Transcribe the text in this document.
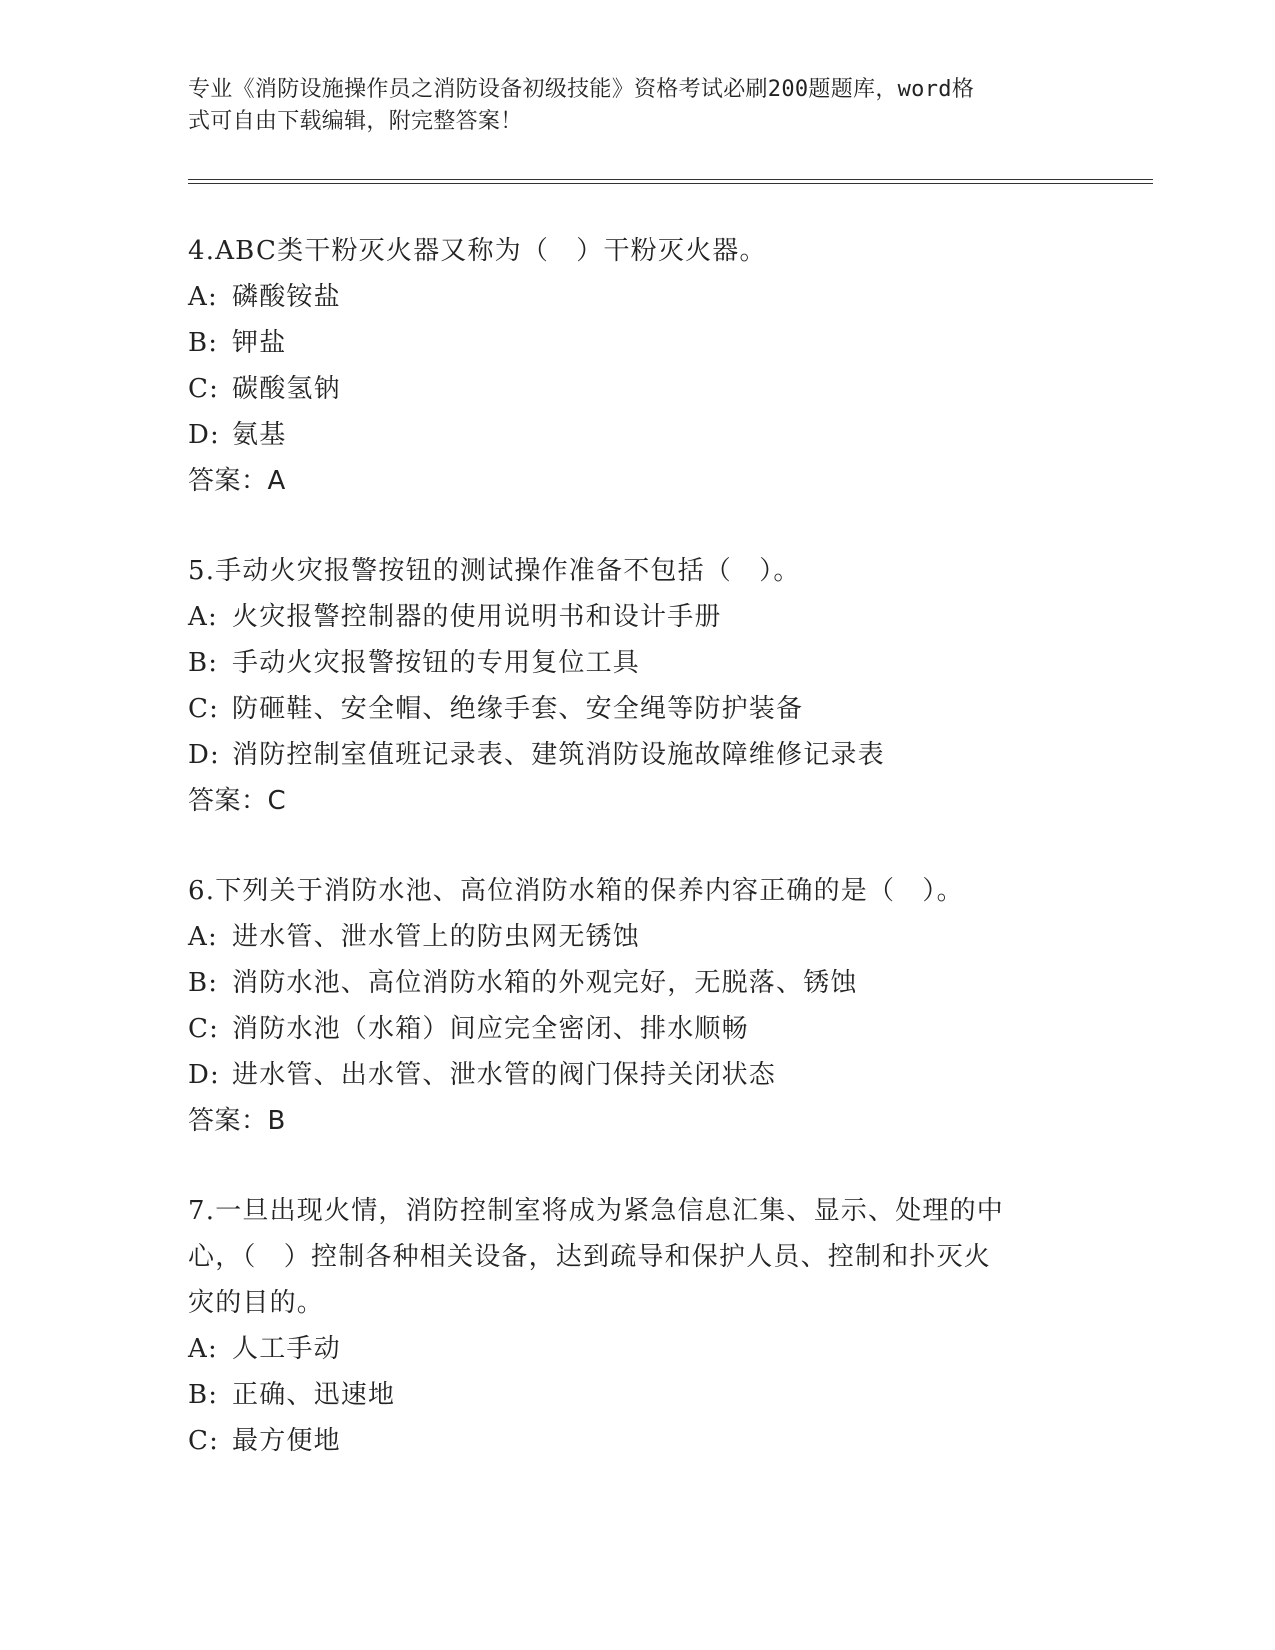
专业《消防设施操作员之消防设备初级技能》资格考试必刷200题题库，word格
式可自由下载编辑，附完整答案！
4.ABC类干粉灭火器又称为（　）干粉灭火器。
A: 磷酸铵盐
B: 钾盐
C: 碳酸氢钠
D: 氨基
答案：A
5.手动火灾报警按钮的测试操作准备不包括（　）。
A: 火灾报警控制器的使用说明书和设计手册
B: 手动火灾报警按钮的专用复位工具
C: 防砸鞋、安全帽、绝缘手套、安全绳等防护装备
D: 消防控制室值班记录表、建筑消防设施故障维修记录表
答案：C
6.下列关于消防水池、高位消防水箱的保养内容正确的是（　）。
A: 进水管、泄水管上的防虫网无锈蚀
B: 消防水池、高位消防水箱的外观完好，无脱落、锈蚀
C: 消防水池（水箱）间应完全密闭、排水顺畅
D: 进水管、出水管、泄水管的阀门保持关闭状态
答案：B
7.一旦出现火情，消防控制室将成为紧急信息汇集、显示、处理的中
心，（　）控制各种相关设备，达到疏导和保护人员、控制和扑灭火
灾的目的。
A: 人工手动
B: 正确、迅速地
C: 最方便地
